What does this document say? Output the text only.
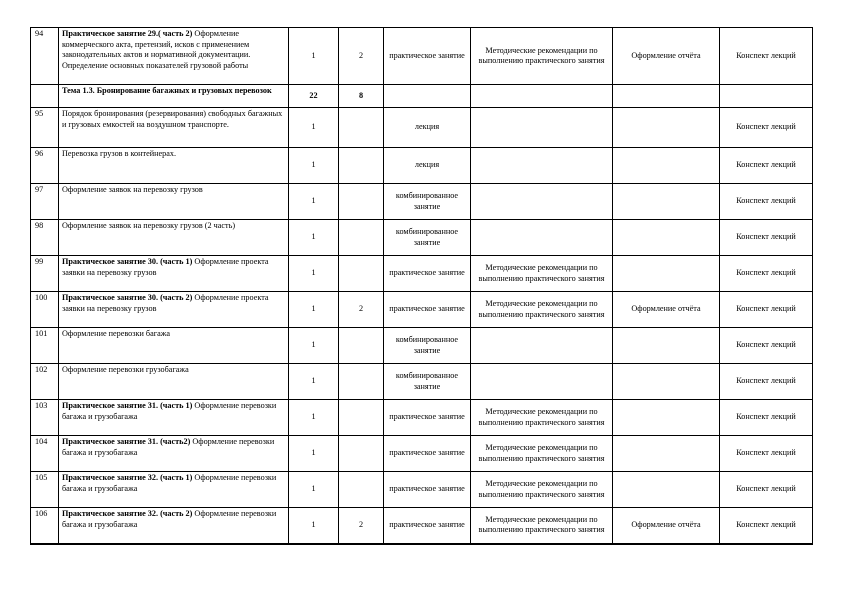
94	Практическое занятие 29.( часть 2) Оформление коммерческого акта, претензий, исков с применением законодательных актов и нормативной документации. Определение основных показателей грузовой работы	1	2	практическое занятие	Методические рекомендации по выполнению практического занятия	Оформление отчёта	Конспект лекций
	Тема 1.3. Бронирование багажных и грузовых перевозок	22	8				
95	Порядок бронирования (резервирования) свободных багажных и грузовых емкостей на воздушном транспорте.	1		лекция			Конспект лекций
96	Перевозка грузов в контейнерах.	1		лекция			Конспект лекций
97	Оформление заявок на перевозку грузов	1		комбинированное занятие			Конспект лекций
98	Оформление заявок на перевозку грузов (2 часть)	1		комбинированное занятие			Конспект лекций
99	Практическое занятие 30. (часть 1) Оформление проекта заявки на перевозку грузов	1		практическое занятие	Методические рекомендации по выполнению практического занятия		Конспект лекций
100	Практическое занятие 30. (часть 2) Оформление проекта заявки на перевозку грузов	1	2	практическое занятие	Методические рекомендации по выполнению практического занятия	Оформление отчёта	Конспект лекций
101	Оформление перевозки багажа	1		комбинированное занятие			Конспект лекций
102	Оформление перевозки грузобагажа	1		комбинированное занятие			Конспект лекций
103	Практическое занятие 31. (часть 1) Оформление перевозки багажа и грузобагажа	1		практическое занятие	Методические рекомендации по выполнению практического занятия		Конспект лекций
104	Практическое занятие 31. (часть2) Оформление перевозки багажа и грузобагажа	1		практическое занятие	Методические рекомендации по выполнению практического занятия		Конспект лекций
105	Практическое занятие 32. (часть 1) Оформление перевозки багажа и грузобагажа	1		практическое занятие	Методические рекомендации по выполнению практического занятия		Конспект лекций
106	Практическое занятие 32. (часть 2) Оформление перевозки багажа и грузобагажа	1	2	практическое занятие	Методические рекомендации по выполнению практического занятия	Оформление отчёта	Конспект лекций
